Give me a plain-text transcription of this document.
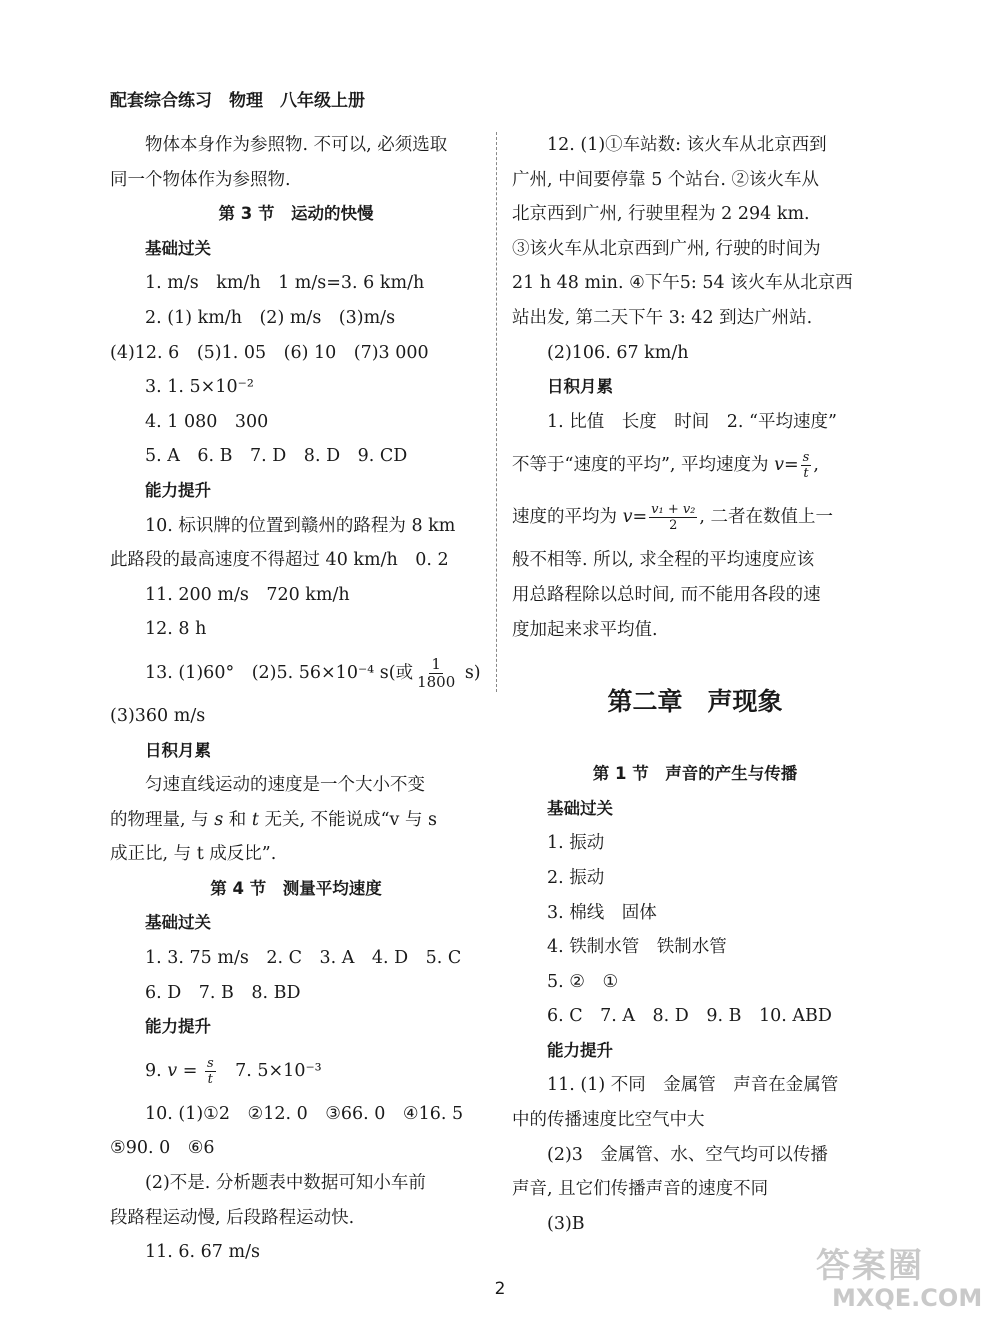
配套综合练习　物理　八年级上册
物体本身作为参照物. 不可以, 必须选取
同一个物体作为参照物.
第 3 节　运动的快慢
基础过关
1. m/s　km/h　1 m/s=3. 6 km/h
2. (1) km/h　(2) m/s　(3)m/s
(4)12. 6　(5)1. 05　(6) 10　(7)3 000
3. 1. 5×10⁻²
4. 1 080　300
5. A　6. B　7. D　8. D　9. CD
能力提升
10. 标识牌的位置到赣州的路程为 8 km
此路段的最高速度不得超过 40 km/h　0. 2
11. 200 m/s　720 km/h
12. 8 h
13. (1)60°　(2)5. 56×10⁻⁴ s(或 $\frac{1}{1800} s$)
(3)360 m/s
日积月累
匀速直线运动的速度是一个大小不变
的物理量, 与 s 和 t 无关, 不能说成“v 与 s
成正比, 与 t 成反比”.
第 4 节　测量平均速度
基础过关
1. 3. 75 m/s　2. C　3. A　4. D　5. C
6. D　7. B　8. BD
能力提升
9. $v = \frac{s}{t}$ 　7. 5×10⁻³
10. (1)①2　②12. 0　③66. 0　④16. 5
⑤90. 0　⑥6
(2)不是. 分析题表中数据可知小车前
段路程运动慢, 后段路程运动快.
11. 6. 67 m/s
12. (1)①车站数: 该火车从北京西到
广州, 中间要停靠 5 个站台. ②该火车从
北京西到广州, 行驶里程为 2 294 km.
③该火车从北京西到广州, 行驶的时间为
21 h 48 min. ④下午5: 54 该火车从北京西
站出发, 第二天下午 3: 42 到达广州站.
(2)106. 67 km/h
日积月累
1. 比值　长度　时间　2. “平均速度”
不等于“速度的平均”, 平均速度为 $v= \frac{s}{t}$ ,
速度的平均为 $v= \frac{\text{v₁ + v₂}}{2}$ , 二者在数值上一
般不相等. 所以, 求全程的平均速度应该
用总路程除以总时间, 而不能用各段的速
度加起来求平均值.
第二章　声现象
第 1 节　声音的产生与传播
基础过关
1. 振动
2. 振动
3. 棉线　固体
4. 铁制水管　铁制水管
5. ②　①
6. C　7. A　8. D　9. B　10. ABD
能力提升
11. (1) 不同　金属管　声音在金属管
中的传播速度比空气中大
(2)3　金属管、水、空气均可以传播
声音, 且它们传播声音的速度不同
(3)B
2
答案圈
MXQE.COM
